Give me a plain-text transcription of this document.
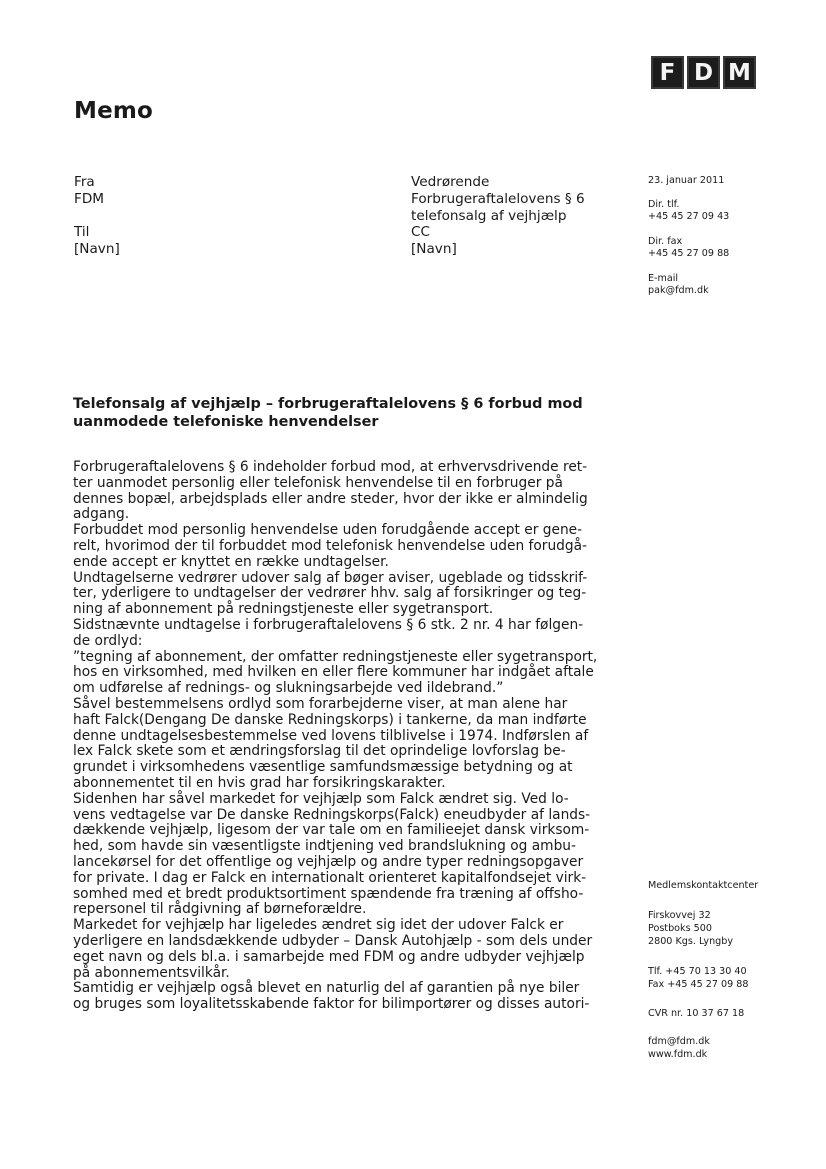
F D M
Memo
Fra
FDM
Til
[Navn]
Vedrørende
Forbrugeraftalelovens § 6
telefonsalg af vejhjælp
CC
[Navn]
23. januar 2011
Dir. tlf.
+45 45 27 09 43
Dir. fax
+45 45 27 09 88
E-mail
pak@fdm.dk
Telefonsalg af vejhjælp – forbrugeraftalelovens § 6 forbud mod
uanmodede telefoniske henvendelser
Forbrugeraftalelovens § 6 indeholder forbud mod, at erhvervsdrivende ret-
ter uanmodet personlig eller telefonisk henvendelse til en forbruger på
dennes bopæl, arbejdsplads eller andre steder, hvor der ikke er almindelig
adgang.
Forbuddet mod personlig henvendelse uden forudgående accept er gene-
relt, hvorimod der til forbuddet mod telefonisk henvendelse uden forudgå-
ende accept er knyttet en række undtagelser.
Undtagelserne vedrører udover salg af bøger aviser, ugeblade og tidsskrif-
ter, yderligere to undtagelser der vedrører hhv. salg af forsikringer og teg-
ning af abonnement på redningstjeneste eller sygetransport.
Sidstnævnte undtagelse i forbrugeraftalelovens § 6 stk. 2 nr. 4 har følgen-
de ordlyd:
”tegning af abonnement, der omfatter redningstjeneste eller sygetransport,
hos en virksomhed, med hvilken en eller flere kommuner har indgået aftale
om udførelse af rednings- og slukningsarbejde ved ildebrand.”
Såvel bestemmelsens ordlyd som forarbejderne viser, at man alene har
haft Falck(Dengang De danske Redningskorps) i tankerne, da man indførte
denne undtagelsesbestemmelse ved lovens tilblivelse i 1974. Indførslen af
lex Falck skete som et ændringsforslag til det oprindelige lovforslag be-
grundet i virksomhedens væsentlige samfundsmæssige betydning og at
abonnementet til en hvis grad har forsikringskarakter.
Sidenhen har såvel markedet for vejhjælp som Falck ændret sig. Ved lo-
vens vedtagelse var De danske Redningskorps(Falck) eneudbyder af lands-
dækkende vejhjælp, ligesom der var tale om en familieejet dansk virksom-
hed, som havde sin væsentligste indtjening ved brandslukning og ambu-
lancekørsel for det offentlige og vejhjælp og andre typer redningsopgaver
for private. I dag er Falck en internationalt orienteret kapitalfondsejet virk-
somhed med et bredt produktsortiment spændende fra træning af offsho-
repersonel til rådgivning af børneforældre.
Markedet for vejhjælp har ligeledes ændret sig idet der udover Falck er
yderligere en landsdækkende udbyder – Dansk Autohjælp - som dels under
eget navn og dels bl.a. i samarbejde med FDM og andre udbyder vejhjælp
på abonnementsvilkår.
Samtidig er vejhjælp også blevet en naturlig del af garantien på nye biler
og bruges som loyalitetsskabende faktor for bilimportører og disses autori-
Medlemskontaktcenter
Firskovvej 32
Postboks 500
2800 Kgs. Lyngby
Tlf. +45 70 13 30 40
Fax +45 45 27 09 88
CVR nr. 10 37 67 18
fdm@fdm.dk
www.fdm.dk
